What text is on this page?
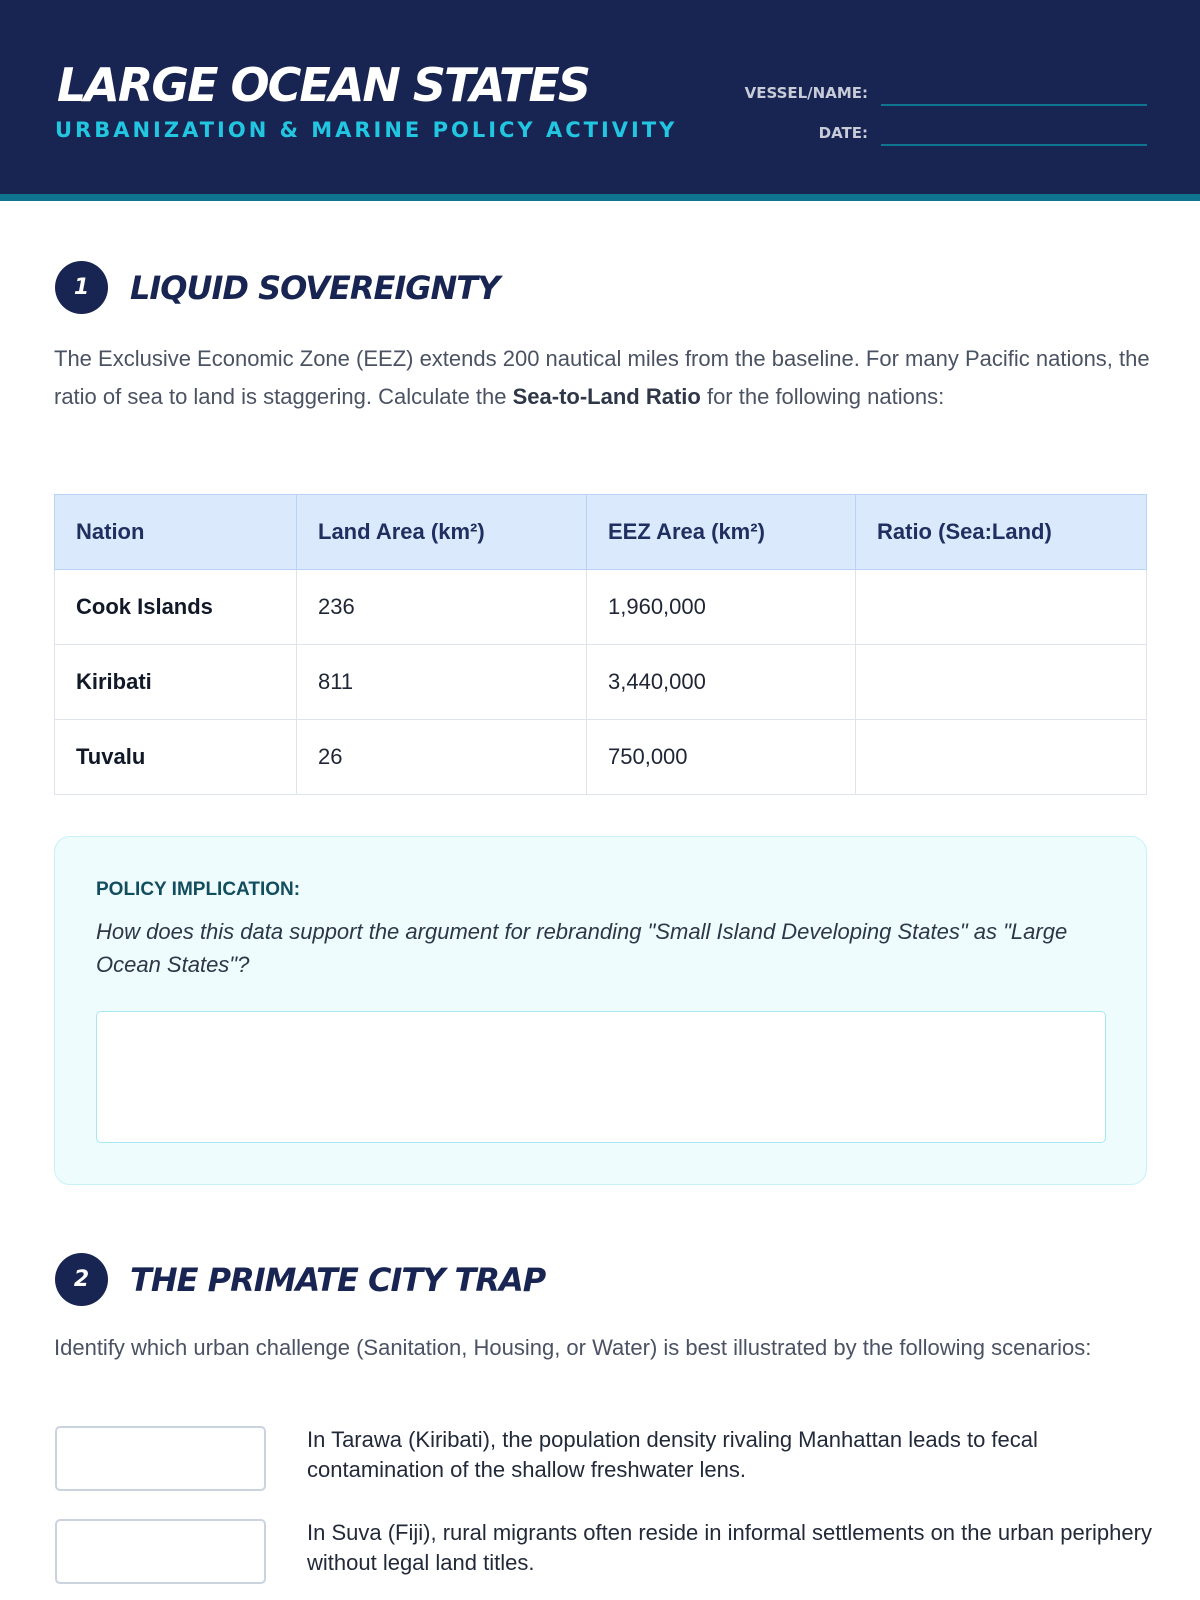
LARGE OCEAN STATES
URBANIZATION & MARINE POLICY ACTIVITY
VESSEL/NAME:
DATE:
1	LIQUID SOVEREIGNTY
The Exclusive Economic Zone (EEZ) extends 200 nautical miles from the baseline. For many Pacific nations, the ratio of sea to land is staggering. Calculate the Sea-to-Land Ratio for the following nations:
Nation	Land Area (km²)	EEZ Area (km²)	Ratio (Sea:Land)
Cook Islands	236	1,960,000	
Kiribati	811	3,440,000	
Tuvalu	26	750,000	
POLICY IMPLICATION:
How does this data support the argument for rebranding "Small Island Developing States" as "Large Ocean States"?
2	THE PRIMATE CITY TRAP
Identify which urban challenge (Sanitation, Housing, or Water) is best illustrated by the following scenarios:
In Tarawa (Kiribati), the population density rivaling Manhattan leads to fecal contamination of the shallow freshwater lens.
In Suva (Fiji), rural migrants often reside in informal settlements on the urban periphery without legal land titles.
